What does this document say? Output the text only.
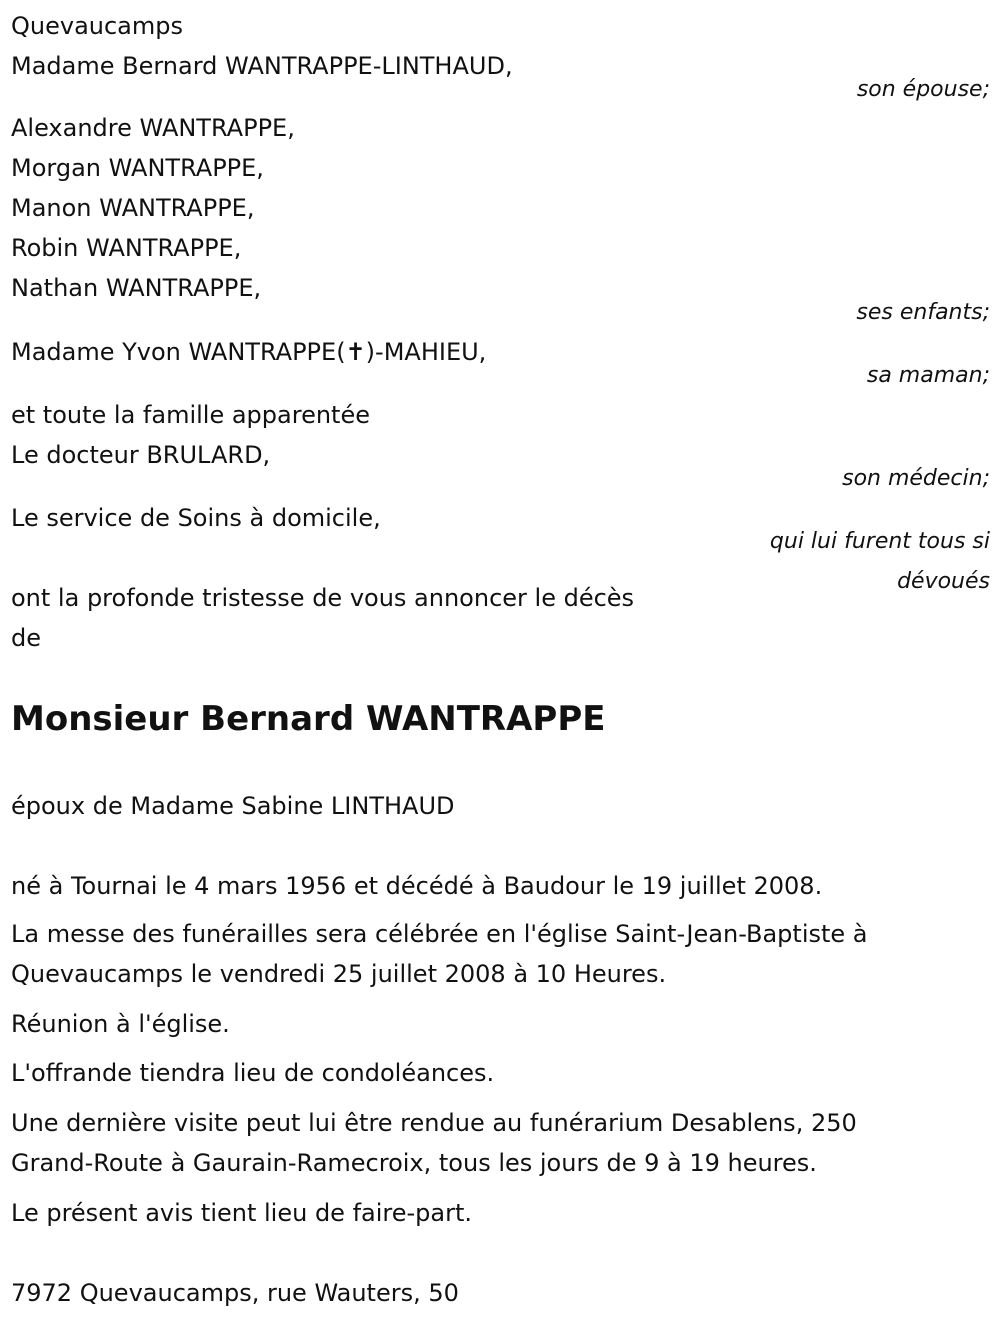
Quevaucamps
Madame Bernard WANTRAPPE-LINTHAUD,
son épouse;
Alexandre WANTRAPPE,
Morgan WANTRAPPE,
Manon WANTRAPPE,
Robin WANTRAPPE,
Nathan WANTRAPPE,
ses enfants;
Madame Yvon WANTRAPPE(✝)-MAHIEU,
sa maman;
et toute la famille apparentée
Le docteur BRULARD,
son médecin;
Le service de Soins à domicile,
qui lui furent tous si
dévoués
ont la profonde tristesse de vous annoncer le décès
de
Monsieur Bernard WANTRAPPE
époux de Madame Sabine LINTHAUD
né à Tournai le 4 mars 1956 et décédé à Baudour le 19 juillet 2008.
La messe des funérailles sera célébrée en l'église Saint-Jean-Baptiste à
Quevaucamps le vendredi 25 juillet 2008 à 10 Heures.
Réunion à l'église.
L'offrande tiendra lieu de condoléances.
Une dernière visite peut lui être rendue au funérarium Desablens, 250
Grand-Route à Gaurain-Ramecroix, tous les jours de 9 à 19 heures.
Le présent avis tient lieu de faire-part.
7972 Quevaucamps, rue Wauters, 50
